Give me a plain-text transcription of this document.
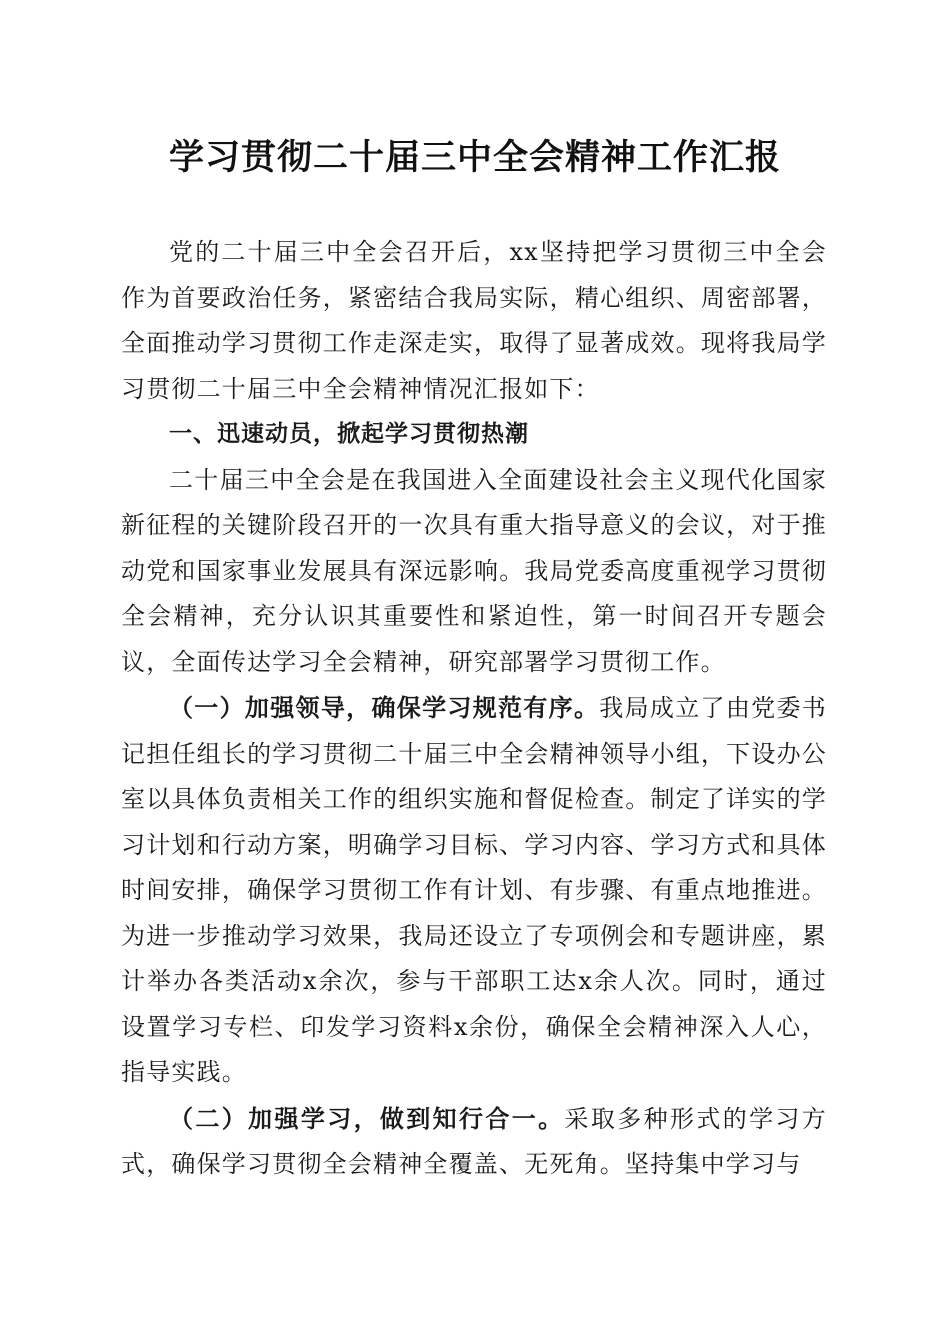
学习贯彻二十届三中全会精神工作汇报

党的二十届三中全会召开后，xx坚持把学习贯彻三中全会作为首要政治任务，紧密结合我局实际，精心组织、周密部署，全面推动学习贯彻工作走深走实，取得了显著成效。现将我局学习贯彻二十届三中全会精神情况汇报如下：

一、迅速动员，掀起学习贯彻热潮

二十届三中全会是在我国进入全面建设社会主义现代化国家新征程的关键阶段召开的一次具有重大指导意义的会议，对于推动党和国家事业发展具有深远影响。我局党委高度重视学习贯彻全会精神，充分认识其重要性和紧迫性，第一时间召开专题会议，全面传达学习全会精神，研究部署学习贯彻工作。

（一）加强领导，确保学习规范有序。我局成立了由党委书记担任组长的学习贯彻二十届三中全会精神领导小组，下设办公室以具体负责相关工作的组织实施和督促检查。制定了详实的学习计划和行动方案，明确学习目标、学习内容、学习方式和具体时间安排，确保学习贯彻工作有计划、有步骤、有重点地推进。为进一步推动学习效果，我局还设立了专项例会和专题讲座，累计举办各类活动x余次，参与干部职工达x余人次。同时，通过设置学习专栏、印发学习资料x余份，确保全会精神深入人心，指导实践。

（二）加强学习，做到知行合一。采取多种形式的学习方式，确保学习贯彻全会精神全覆盖、无死角。坚持集中学习与
